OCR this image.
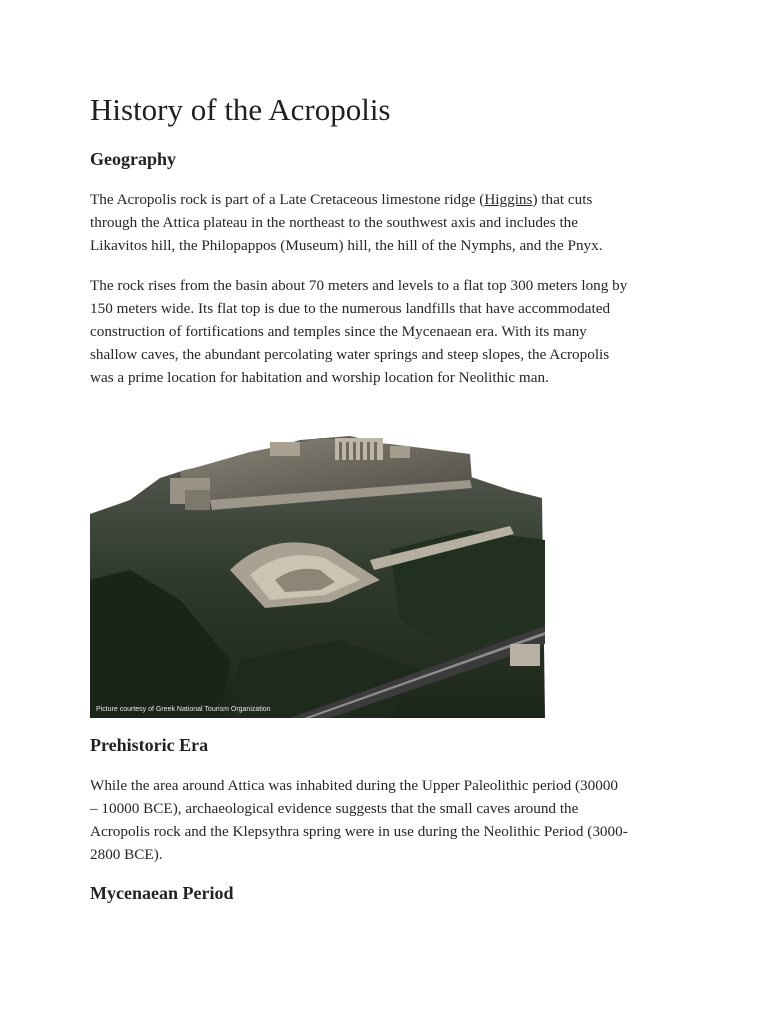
History of the Acropolis
Geography
The Acropolis rock is part of a Late Cretaceous limestone ridge (Higgins) that cuts
through the Attica plateau in the northeast to the southwest axis and includes the
Likavitos hill, the Philopappos (Museum) hill, the hill of the Nymphs, and the Pnyx.
The rock rises from the basin about 70 meters and levels to a flat top 300 meters long by
150 meters wide. Its flat top is due to the numerous landfills that have accommodated
construction of fortifications and temples since the Mycenaean era. With its many
shallow caves, the abundant percolating water springs and steep slopes, the Acropolis
was a prime location for habitation and worship location for Neolithic man.
Picture courtesy of Greek National Tourism Organization
Prehistoric Era
While the area around Attica was inhabited during the Upper Paleolithic period (30000
– 10000 BCE), archaeological evidence suggests that the small caves around the
Acropolis rock and the Klepsythra spring were in use during the Neolithic Period (3000-
2800 BCE).
Mycenaean Period
